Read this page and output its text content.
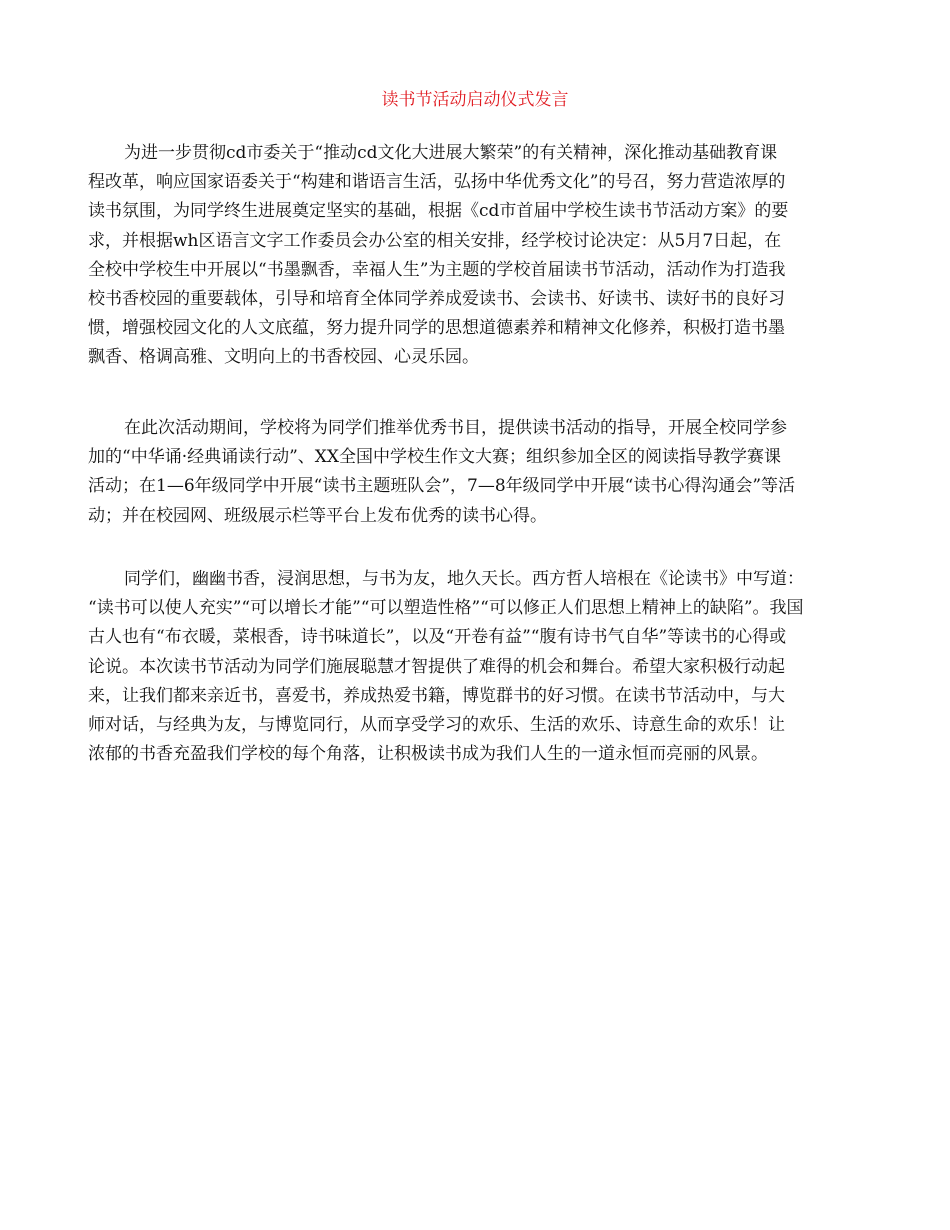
读书节活动启动仪式发言

为进一步贯彻cd市委关于“推动cd文化大进展大繁荣”的有关精神，深化推动基础教育课
程改革，响应国家语委关于“构建和谐语言生活，弘扬中华优秀文化”的号召，努力营造浓厚的
读书氛围，为同学终生进展奠定坚实的基础，根据《cd市首届中学校生读书节活动方案》的要
求，并根据wh区语言文字工作委员会办公室的相关安排，经学校讨论决定：从5月7日起，在
全校中学校生中开展以“书墨飘香，幸福人生”为主题的学校首届读书节活动，活动作为打造我
校书香校园的重要载体，引导和培育全体同学养成爱读书、会读书、好读书、读好书的良好习
惯，增强校园文化的人文底蕴，努力提升同学的思想道德素养和精神文化修养，积极打造书墨
飘香、格调高雅、文明向上的书香校园、心灵乐园。

在此次活动期间，学校将为同学们推举优秀书目，提供读书活动的指导，开展全校同学参
加的“中华诵·经典诵读行动”、XX全国中学校生作文大赛；组织参加全区的阅读指导教学赛课
活动；在1—6年级同学中开展“读书主题班队会”，7—8年级同学中开展“读书心得沟通会”等活
动；并在校园网、班级展示栏等平台上发布优秀的读书心得。

同学们，幽幽书香，浸润思想，与书为友，地久天长。西方哲人培根在《论读书》中写道：
“读书可以使人充实”“可以增长才能”“可以塑造性格”“可以修正人们思想上精神上的缺陷”。我国
古人也有“布衣暖，菜根香，诗书味道长”，以及“开卷有益”“腹有诗书气自华”等读书的心得或
论说。本次读书节活动为同学们施展聪慧才智提供了难得的机会和舞台。希望大家积极行动起
来，让我们都来亲近书，喜爱书，养成热爱书籍，博览群书的好习惯。在读书节活动中，与大
师对话，与经典为友，与博览同行，从而享受学习的欢乐、生活的欢乐、诗意生命的欢乐！让
浓郁的书香充盈我们学校的每个角落，让积极读书成为我们人生的一道永恒而亮丽的风景。
